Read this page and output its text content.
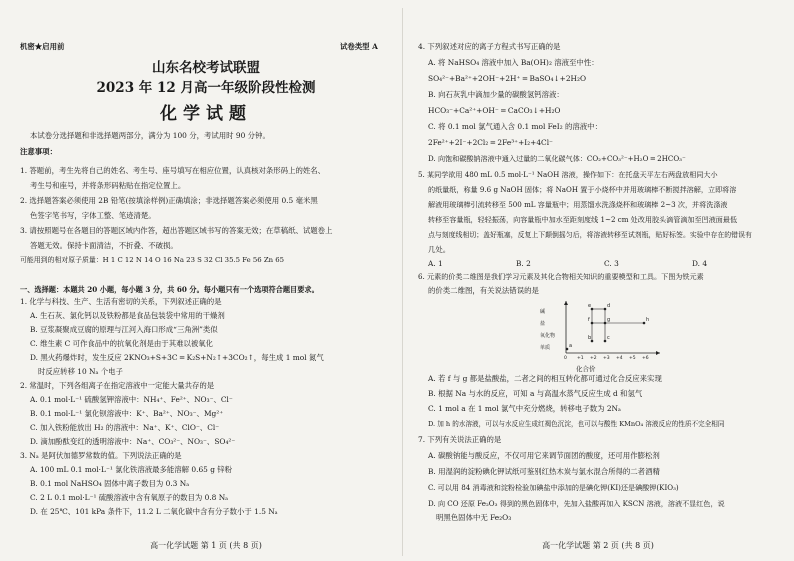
机密★启用前	试卷类型 A
山东名校考试联盟
2023 年 12 月高一年级阶段性检测
化学试题
本试卷分选择题和非选择题两部分，满分为 100 分，考试用时 90 分钟。
注意事项：
1. 答题前，考生先将自己的姓名、考生号、座号填写在相应位置，认真核对条形码上的姓名、
考生号和座号，并将条形码粘贴在指定位置上。
2. 选择题答案必须使用 2B 铅笔(按填涂样例)正确填涂；非选择题答案必须使用 0.5 毫米黑
色签字笔书写，字体工整、笔迹清楚。
3. 请按照题号在各题目的答题区域内作答，超出答题区域书写的答案无效；在草稿纸、试题卷上
答题无效。保持卡面清洁，不折叠、不破损。
可能用到的相对原子质量：H 1 C 12 N 14 O 16 Na 23 S 32 Cl 35.5 Fe 56 Zn 65
一、选择题：本题共 20 小题，每小题 3 分，共 60 分。每小题只有一个选项符合题目要求。
1. 化学与科技、生产、生活有密切的关系，下列叙述正确的是
A. 生石灰、氯化钙以及铁粉都是食品包装袋中常用的干燥剂
B. 豆浆凝聚成豆腐的原理与江河入海口形成“三角洲”类似
C. 维生素 C 可作食品中的抗氧化剂是由于其难以被氧化
D. 黑火药爆炸时，发生反应 2KNO₃+S+3C ═ K₂S+N₂↑+3CO₂↑，每生成 1 mol 氮气
时反应转移 10 Nₐ 个电子
2. 常温时，下列各组离子在指定溶液中一定能大量共存的是
A. 0.1 mol·L⁻¹ 硫酸氢钾溶液中：NH₄⁺、Fe²⁺、NO₃⁻、Cl⁻
B. 0.1 mol·L⁻¹ 氯化钡溶液中：K⁺、Ba²⁺、NO₃⁻、Mg²⁺
C. 加入铁粉能放出 H₂ 的溶液中：Na⁺、K⁺、ClO⁻、Cl⁻
D. 滴加酚酞变红的透明溶液中：Na⁺、CO₃²⁻、NO₃⁻、SO₄²⁻
3. Nₐ 是阿伏加德罗常数的值。下列说法正确的是
A. 100 mL 0.1 mol·L⁻¹ 氯化铁溶液最多能溶解 0.65 g 锌粉
B. 0.1 mol NaHSO₄ 固体中离子数目为 0.3 Nₐ
C. 2 L 0.1 mol·L⁻¹ 硫酸溶液中含有氧原子的数目为 0.8 Nₐ
D. 在 25℃、101 kPa 条件下，11.2 L 二氧化碳中含有分子数小于 1.5 Nₐ
高一化学试题 第 1 页 (共 8 页)
4. 下列叙述对应的离子方程式书写正确的是
A. 将 NaHSO₄ 溶液中加入 Ba(OH)₂ 溶液至中性：
SO₄²⁻+Ba²⁺+2OH⁻+2H⁺ ═ BaSO₄↓+2H₂O
B. 向石灰乳中滴加少量的碳酸氢钙溶液：
HCO₃⁻+Ca²⁺+OH⁻ ═ CaCO₃↓+H₂O
C. 将 0.1 mol 氯气通入含 0.1 mol FeI₂ 的溶液中：
2Fe²⁺+2I⁻+2Cl₂ ═ 2Fe³⁺+I₂+4Cl⁻
D. 向饱和碳酸钠溶液中通入过量的二氧化碳气体：CO₂+CO₃²⁻+H₂O ═ 2HCO₃⁻
5. 某同学欲用 480 mL 0.5 mol·L⁻¹ NaOH 溶液，操作如下：在托盘天平左右两盘放相同大小
的纸量纸，称量 9.6 g NaOH 固体；将 NaOH 置于小烧杯中并用玻璃棒不断搅拌溶解，立即将溶
解液用玻璃棒引流转移至 500 mL 容量瓶中；用蒸馏水洗涤烧杯和玻璃棒 2~3 次，并将洗涤液
转移至容量瓶，轻轻振荡，向容量瓶中加水至距刻度线 1~2 cm 处改用胶头滴管滴加至凹液面最低
点与刻度线相切；盖好瓶塞，反复上下颠倒摇匀后，将溶液转移至试剂瓶，贴好标签。实验中存在的错误有
几处。
A. 1	B. 2	C. 3	D. 4
6. 元素的价类二维图是我们学习元素及其化合物相关知识的重要模型和工具。下图为铁元素
的价类二维图，有关说法错误的是
碱
盐
氧化物
单质
0 +1 +2 +3 +4 +5 +6
a
b	c
d
e
f	g	h
化合价
A. 若 f 与 g 都是盐酸盐，二者之间的相互转化都可通过化合反应来实现
B. 根据 Na 与水的反应，可知 a 与高温水蒸气反应生成 d 和氢气
C. 1 mol a 在 1 mol 氯气中充分燃烧，转移电子数为 2Nₐ
D. 加 h 的水溶液，可以与水反应生成红褐色沉淀，也可以与酸性 KMnO₄ 溶液反应的性质不完全相同
7. 下列有关说法正确的是
A. 碳酸钠能与酸反应，不仅可用它来调节面团的酸度，还可用作膨松剂
B. 用湿润的淀粉碘化钾试纸可鉴别红热木炭与氯水混合所得的二者酒精
C. 可以用 84 消毒液和淀粉检验加碘盐中添加的是碘化钾(KI)还是碘酸钾(KIO₃)
D. 向 CO 还原 Fe₂O₃ 得到的黑色固体中，先加入盐酸再加入 KSCN 溶液，溶液不显红色，说
明黑色固体中无 Fe₂O₃
高一化学试题 第 2 页 (共 8 页)
